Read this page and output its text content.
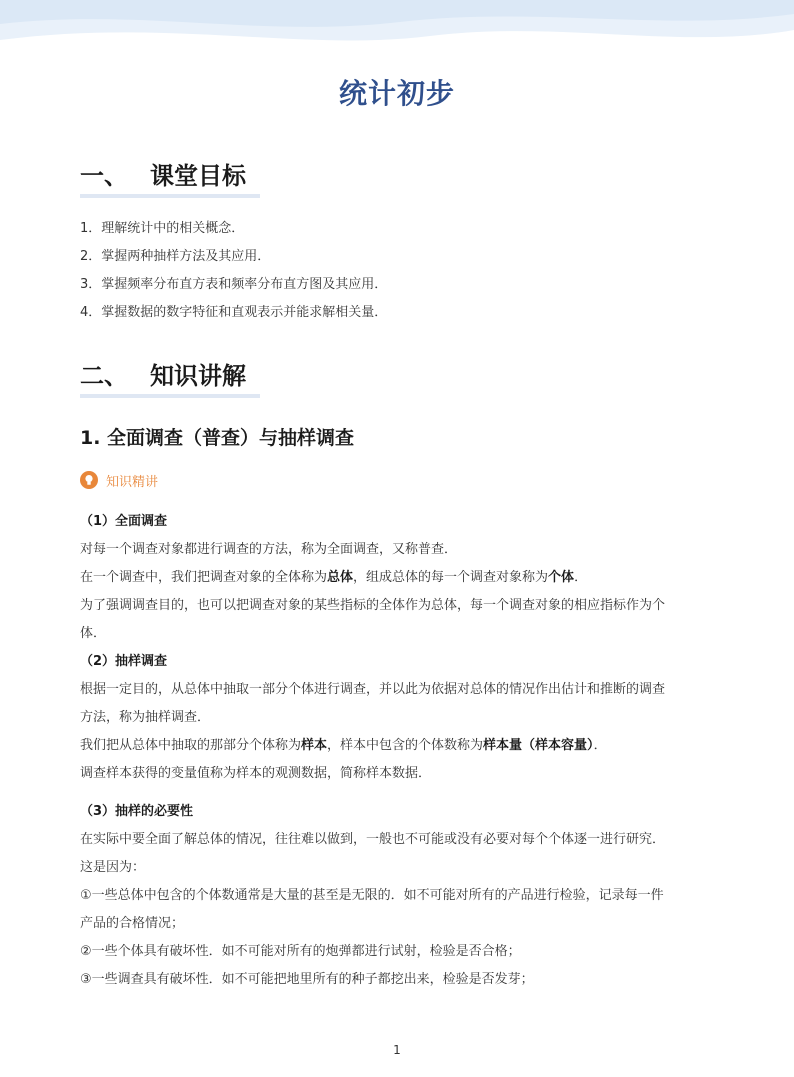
统计初步
一、 课堂目标
1．理解统计中的相关概念．
2．掌握两种抽样方法及其应用．
3．掌握频率分布直方表和频率分布直方图及其应用．
4．掌握数据的数字特征和直观表示并能求解相关量．
二、 知识讲解
1. 全面调查（普查）与抽样调查
知识精讲
（1）全面调查
对每一个调查对象都进行调查的方法，称为全面调查，又称普查．
在一个调查中，我们把调查对象的全体称为总体，组成总体的每一个调查对象称为个体．
为了强调调查目的，也可以把调查对象的某些指标的全体作为总体，每一个调查对象的相应指标作为个
体．
（2）抽样调查
根据一定目的，从总体中抽取一部分个体进行调查，并以此为依据对总体的情况作出估计和推断的调查
方法，称为抽样调查．
我们把从总体中抽取的那部分个体称为样本，样本中包含的个体数称为样本量（样本容量）．
调查样本获得的变量值称为样本的观测数据，简称样本数据．
（3）抽样的必要性
在实际中要全面了解总体的情况，往往难以做到，一般也不可能或没有必要对每个个体逐一进行研究．
这是因为：
①一些总体中包含的个体数通常是大量的甚至是无限的．如不可能对所有的产品进行检验，记录每一件
产品的合格情况；
②一些个体具有破坏性．如不可能对所有的炮弹都进行试射，检验是否合格；
③一些调查具有破坏性．如不可能把地里所有的种子都挖出来，检验是否发芽；
1
